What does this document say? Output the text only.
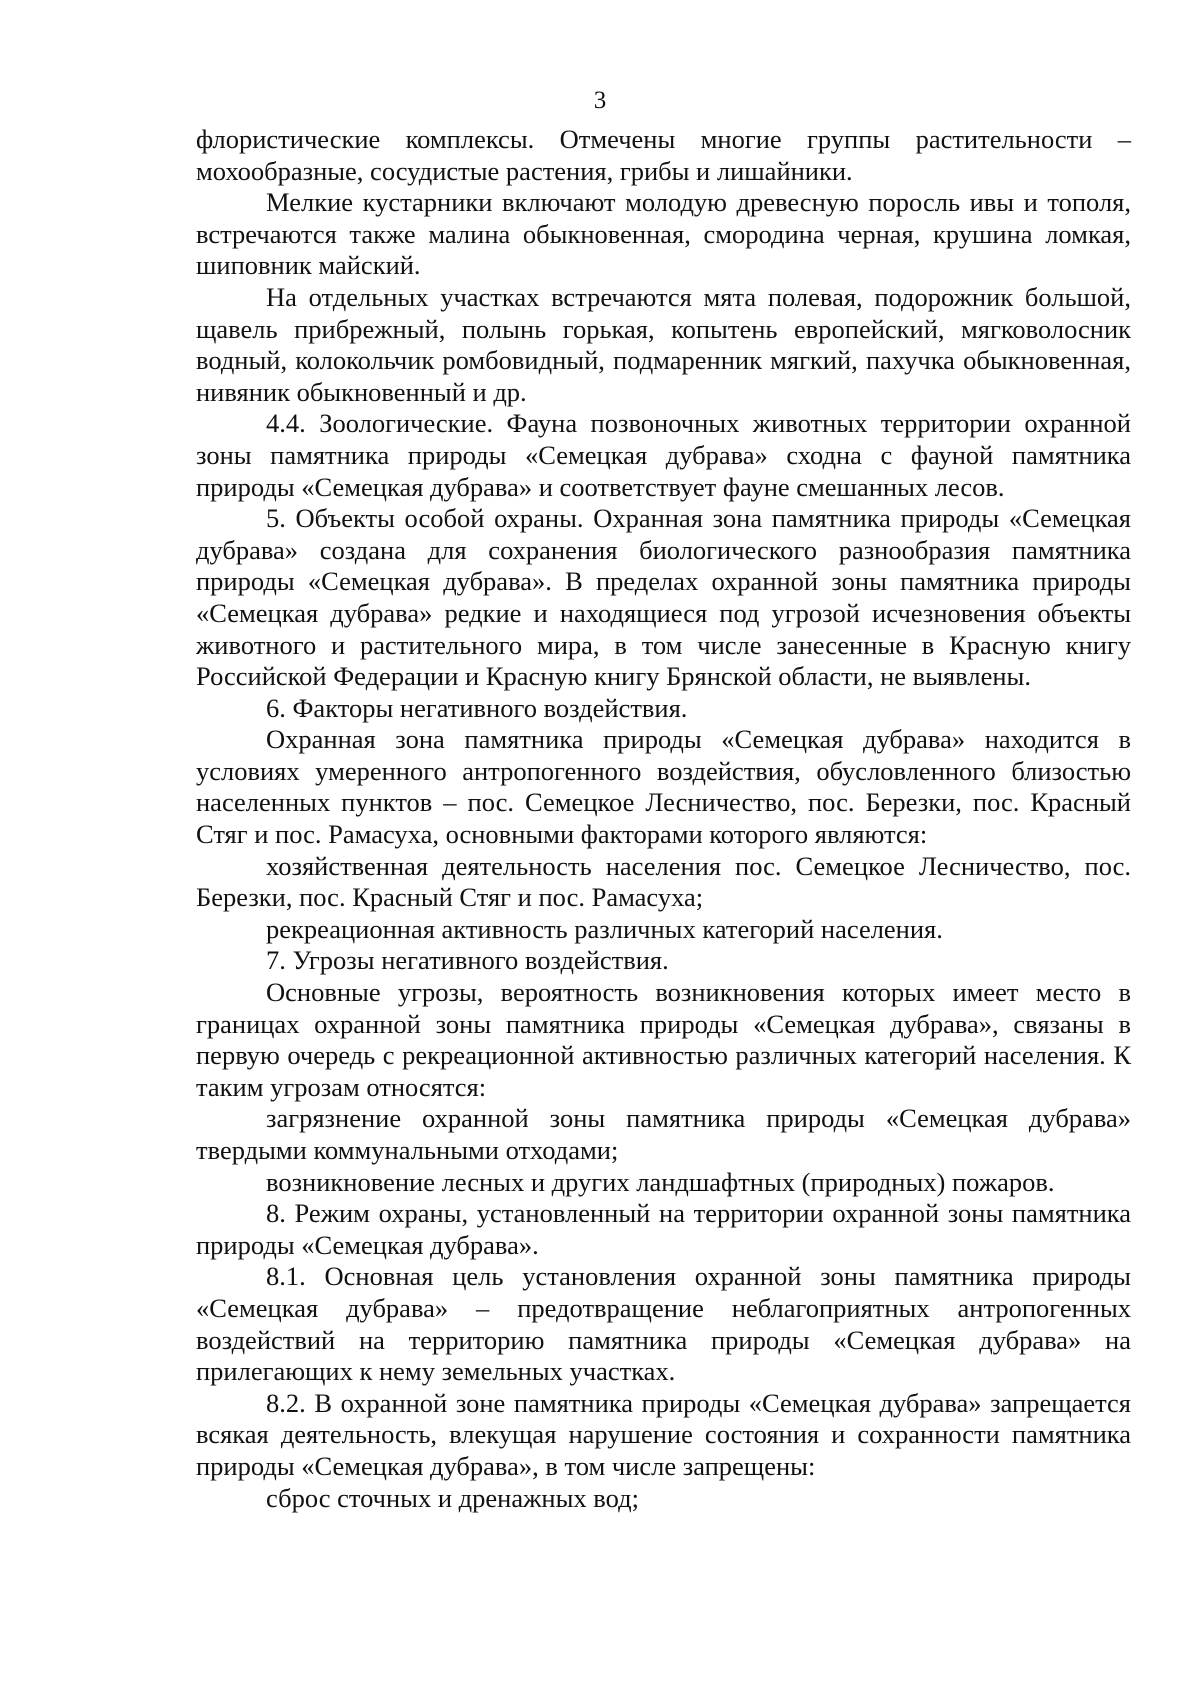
3

флористические комплексы. Отмечены многие группы растительности – мохообразные, сосудистые растения, грибы и лишайники.

Мелкие кустарники включают молодую древесную поросль ивы и тополя, встречаются также малина обыкновенная, смородина черная, крушина ломкая, шиповник майский.

На отдельных участках встречаются мята полевая, подорожник большой, щавель прибрежный, полынь горькая, копытень европейский, мягковолосник водный, колокольчик ромбовидный, подмаренник мягкий, пахучка обыкновенная, нивяник обыкновенный и др.

4.4. Зоологические. Фауна позвоночных животных территории охранной зоны памятника природы «Семецкая дубрава» сходна с фауной памятника природы «Семецкая дубрава» и соответствует фауне смешанных лесов.

5. Объекты особой охраны. Охранная зона памятника природы «Семецкая дубрава» создана для сохранения биологического разнообразия памятника природы «Семецкая дубрава». В пределах охранной зоны памятника природы «Семецкая дубрава» редкие и находящиеся под угрозой исчезновения объекты животного и растительного мира, в том числе занесенные в Красную книгу Российской Федерации и Красную книгу Брянской области, не выявлены.

6. Факторы негативного воздействия.

Охранная зона памятника природы «Семецкая дубрава» находится в условиях умеренного антропогенного воздействия, обусловленного близостью населенных пунктов – пос. Семецкое Лесничество, пос. Березки, пос. Красный Стяг и пос. Рамасуха, основными факторами которого являются:

хозяйственная деятельность населения пос. Семецкое Лесничество, пос. Березки, пос. Красный Стяг и пос. Рамасуха;

рекреационная активность различных категорий населения.

7. Угрозы негативного воздействия.

Основные угрозы, вероятность возникновения которых имеет место в границах охранной зоны памятника природы «Семецкая дубрава», связаны в первую очередь с рекреационной активностью различных категорий населения. К таким угрозам относятся:

загрязнение охранной зоны памятника природы «Семецкая дубрава» твердыми коммунальными отходами;

возникновение лесных и других ландшафтных (природных) пожаров.

8. Режим охраны, установленный на территории охранной зоны памятника природы «Семецкая дубрава».

8.1. Основная цель установления охранной зоны памятника природы «Семецкая дубрава» – предотвращение неблагоприятных антропогенных воздействий на территорию памятника природы «Семецкая дубрава» на прилегающих к нему земельных участках.

8.2. В охранной зоне памятника природы «Семецкая дубрава» запрещается всякая деятельность, влекущая нарушение состояния и сохранности памятника природы «Семецкая дубрава», в том числе запрещены:

сброс сточных и дренажных вод;
